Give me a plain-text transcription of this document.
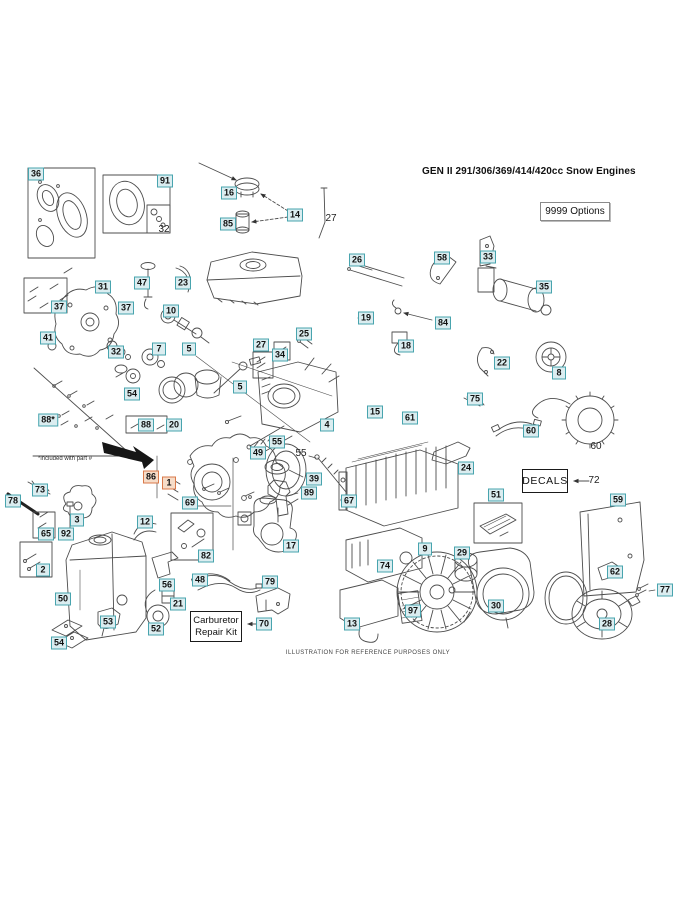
GEN II 291/306/369/414/420cc Snow Engines
9999 Options
DECALS
Carburetor
Repair Kit
*included with part #
ILLUSTRATION FOR REFERENCE PURPOSES ONLY
36
91
32
16
85
14	27
26	58	33
35
19	84
18
31	47	23
37	37	10
41
32	7	5	27
34
25
22
8
54
5
88*	88	20	4
55
49	55
15
61
75
60
60
24
86
1
69
73
78
39
89
12
3
65	92
2
67
51	59
72
50
53
54
56
21
52
82
48	79
17
70
9	29
74
13
97	30
62
28
77
